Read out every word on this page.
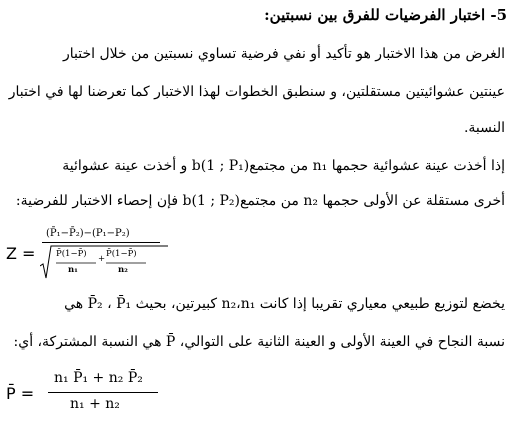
5- اختبار الفرضيات للفرق بين نسبتين:
الغرض من هذا الاختبار هو تأكيد أو نفي فرضية تساوي نسبتين من خلال اختبار
عينتين عشوائيتين مستقلتين، و سنطبق الخطوات لهذا الاختبار كما تعرضنا لها في اختبار
النسبة.
إذا أخذت عينة عشوائية حجمها n₁ من مجتمعb(1 ; P₁) و أخذت عينة عشوائية
أخرى مستقلة عن الأولى حجمها n₂ من مجتمعb(1 ; P₂) فإن إحصاء الاختبار للفرضية:
Z =
(P̄₁−P̄₂)−(P₁−P₂)
P̄(1−P̄)
n₁
+ P̄(1−P̄)
n₂
يخضع لتوزيع طبيعي معياري تقريبا إذا كانت n₂،n₁ كبيرتين، بحيث P̄₁ ، P̄₂ هي
نسبة النجاح في العينة الأولى و العينة الثانية على التوالي، P̄ هي النسبة المشتركة، أي:
P̄ =
n₁ P̄₁ + n₂ P̄₂
n₁ + n₂
